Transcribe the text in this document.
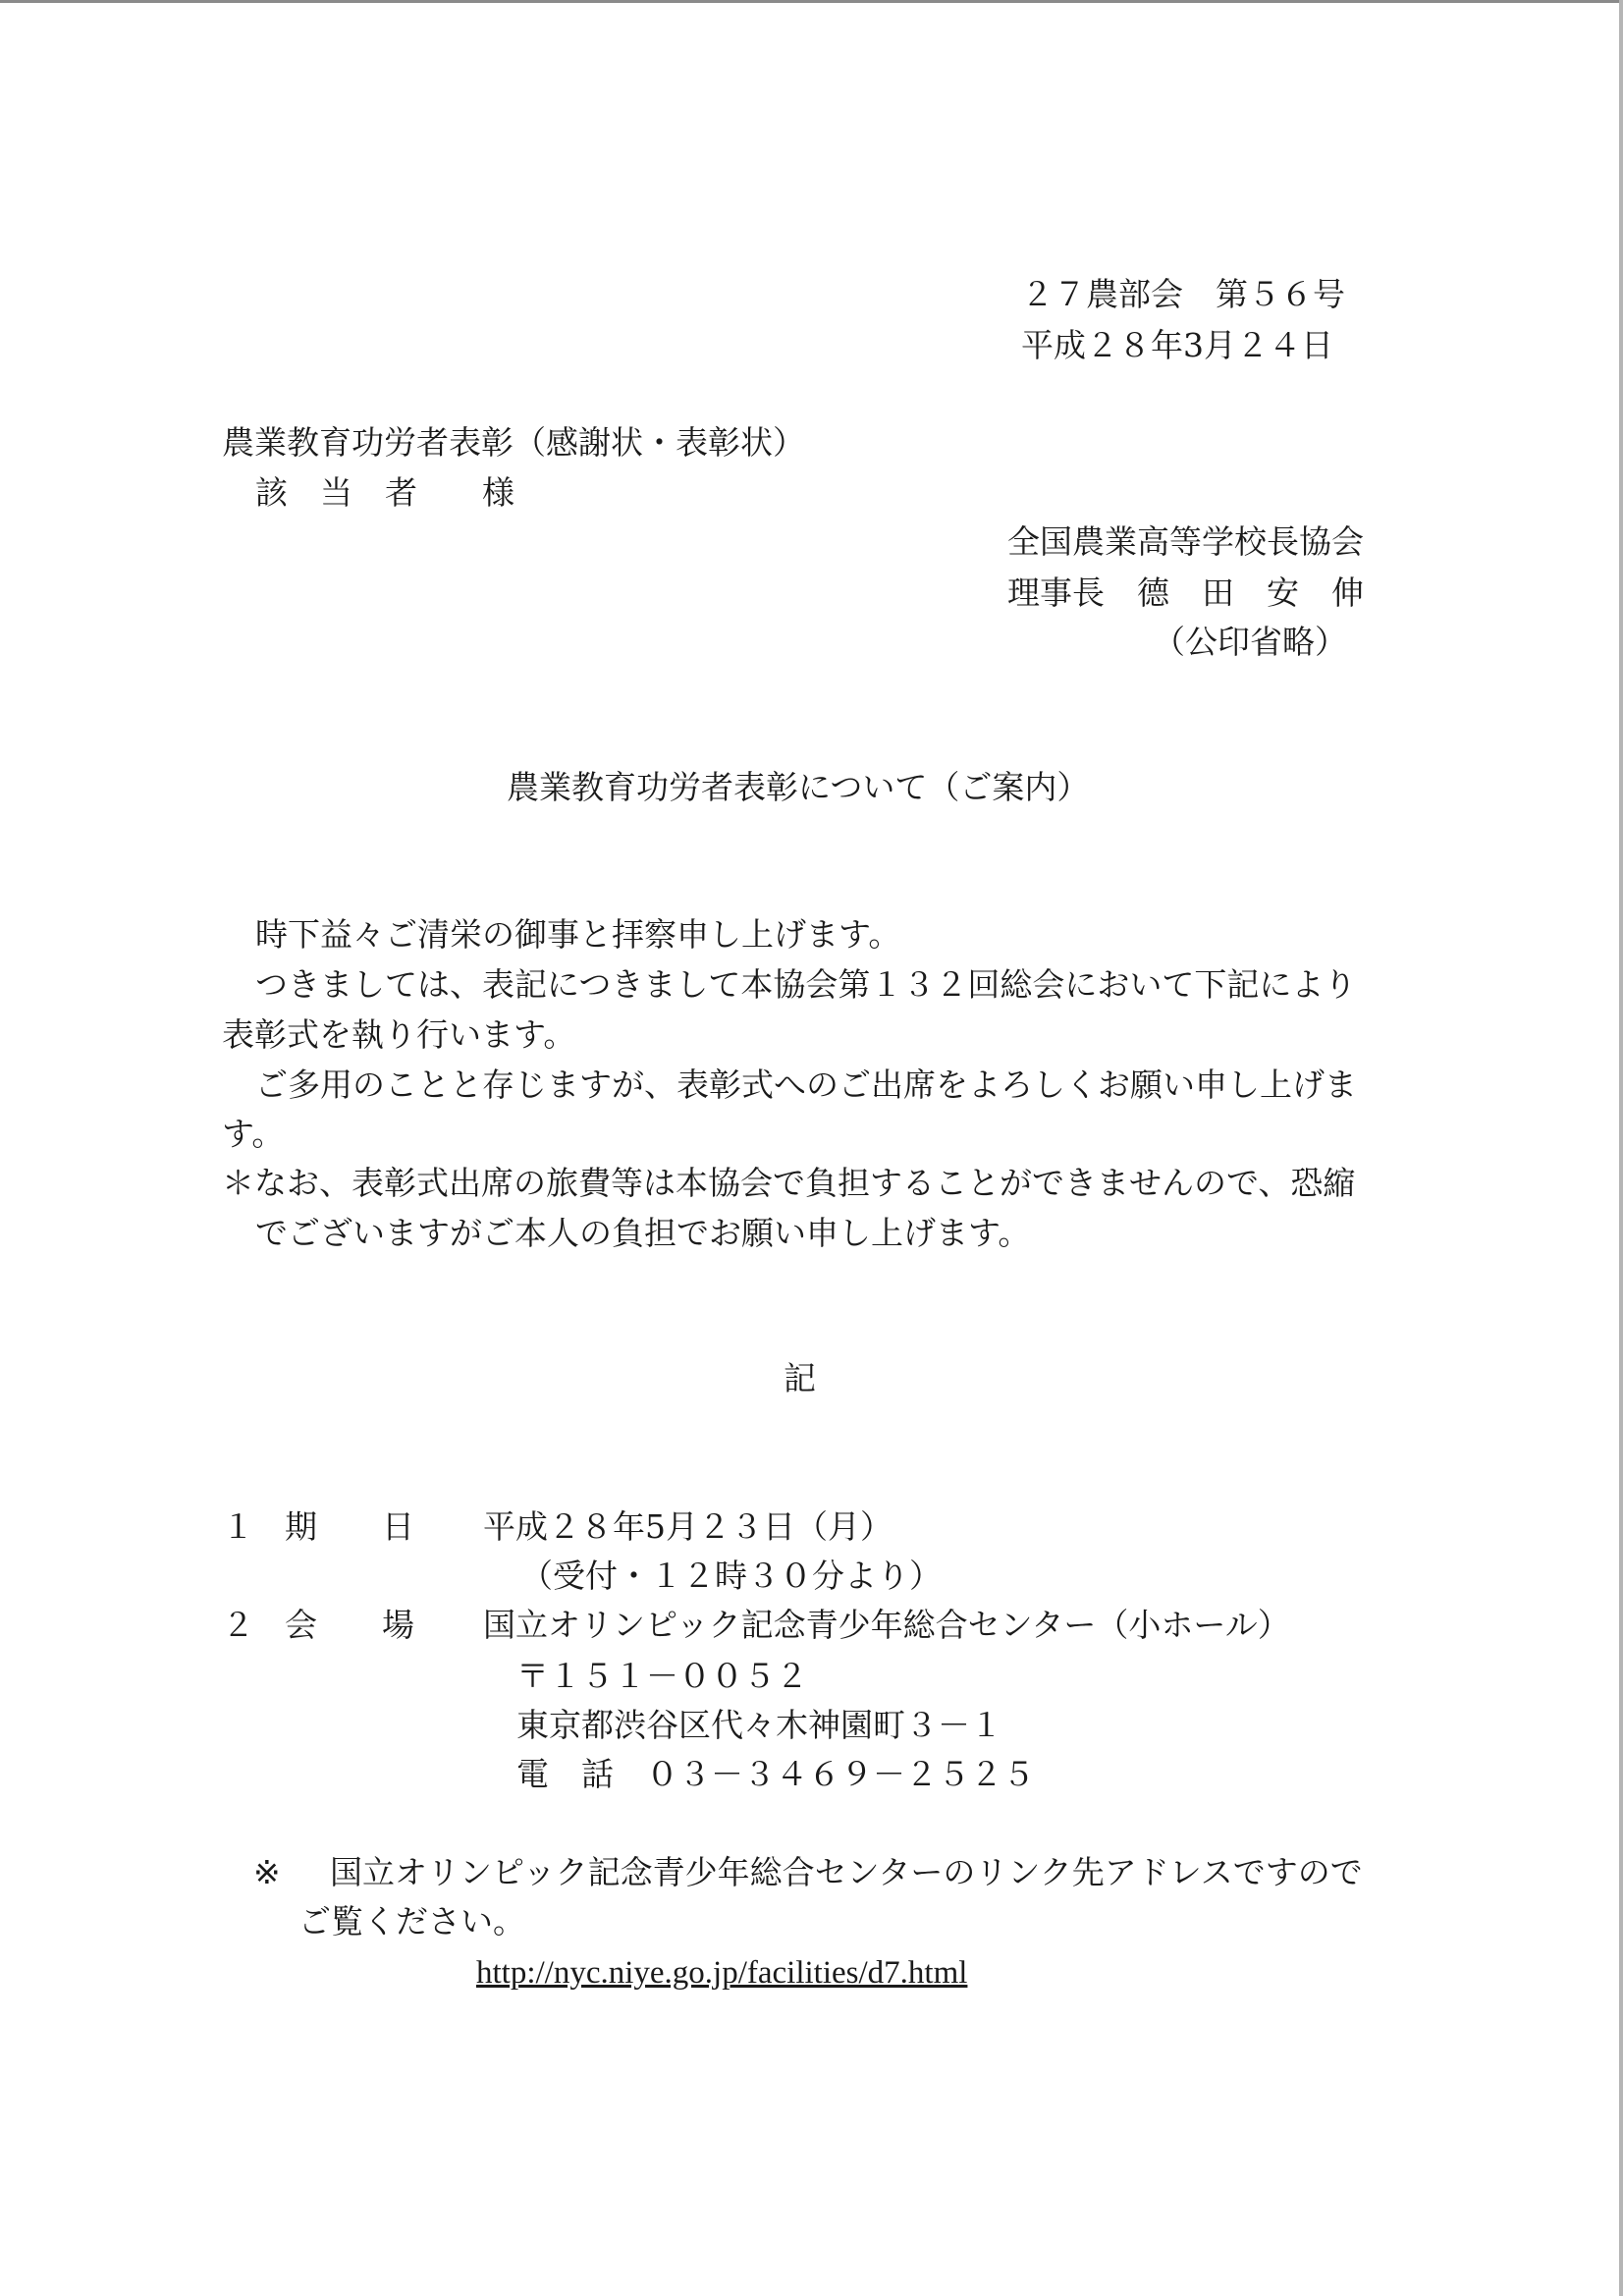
２７農部会　第５６号
平成２８年3月２４日
農業教育功労者表彰（感謝状・表彰状）
該　当　者　　様
全国農業高等学校長協会
理事長　德　田　安　伸
（公印省略）
農業教育功労者表彰について（ご案内）
時下益々ご清栄の御事と拝察申し上げます。
つきましては、表記につきまして本協会第１３２回総会において下記により
表彰式を執り行います。
ご多用のことと存じますが、表彰式へのご出席をよろしくお願い申し上げま
す。
＊なお、表彰式出席の旅費等は本協会で負担することができませんので、恐縮
でございますがご本人の負担でお願い申し上げます。
記
１ 期　　日 平成２８年5月２３日（月）
（受付・１２時３０分より）
２ 会　　場 国立オリンピック記念青少年総合センター（小ホール）
〒１５１－００５２
東京都渋谷区代々木神園町３－１
電　話　０３－３４６９－２５２５
※ 国立オリンピック記念青少年総合センターのリンク先アドレスですので
ご覧ください。
http://nyc.niye.go.jp/facilities/d7.html
